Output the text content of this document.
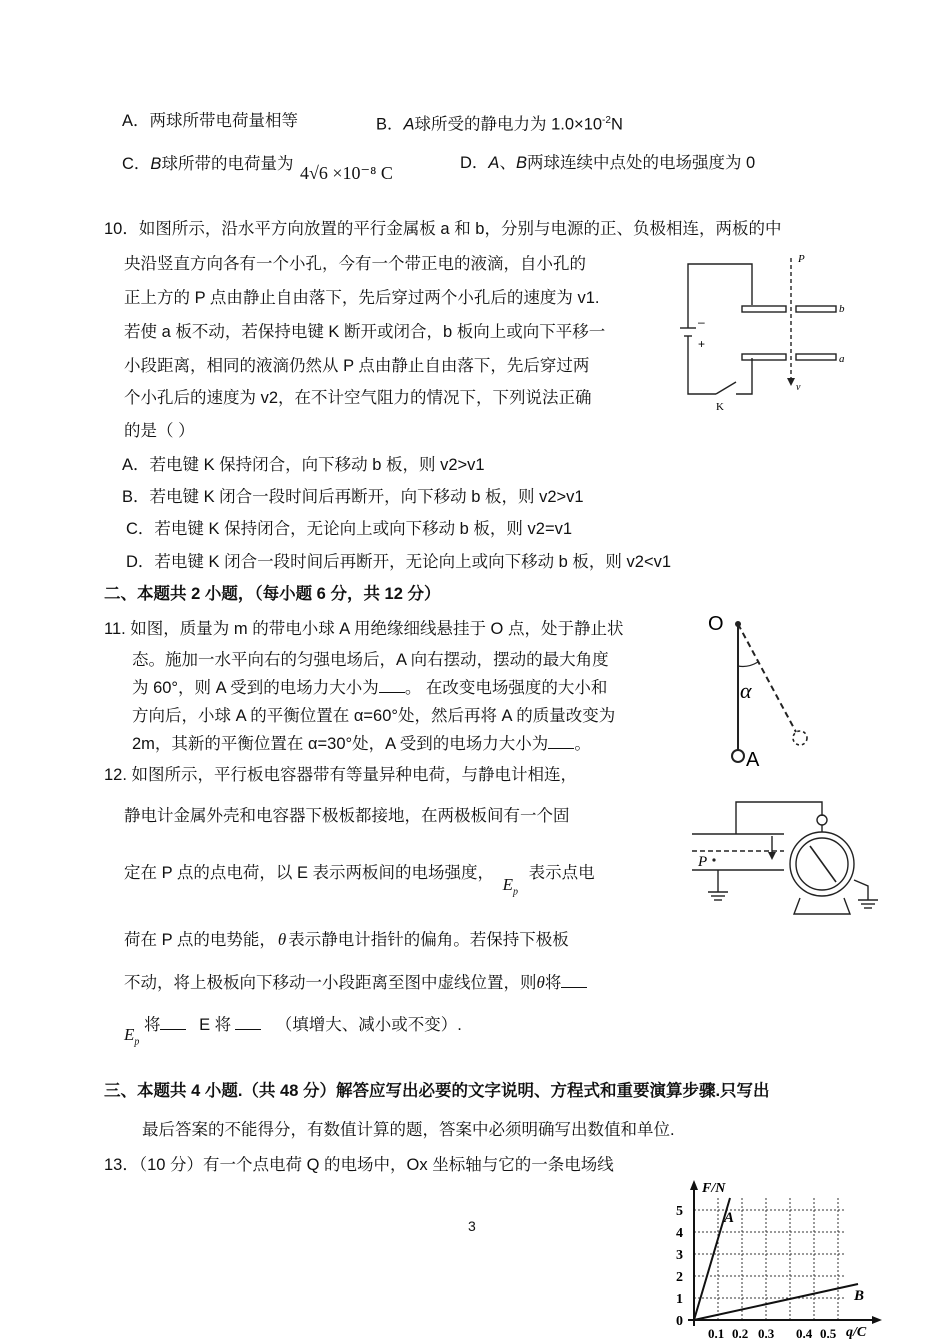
A．两球所带电荷量相等	B．A球所受的静电力为 $1.0\times 10^{-2}N$
C．B球所带的电荷量为 4√6 ×10⁻⁸ C	D．A、B两球连续中点处的电场强度为 0
10．如图所示，沿水平方向放置的平行金属板 a 和 b，分别与电源的正、负极相连，两板的中
央沿竖直方向各有一个小孔，今有一个带正电的液滴，自小孔的
正上方的 P 点由静止自由落下，先后穿过两个小孔后的速度为 v1.
若使 a 板不动，若保持电键 K 断开或闭合，b 板向上或向下平移一
小段距离，相同的液滴仍然从 P 点由静止自由落下，先后穿过两
个小孔后的速度为 v2，在不计空气阻力的情况下，下列说法正确
的是（ ）
A．若电键 K 保持闭合，向下移动 b 板，则 v2>v1
B．若电键 K 闭合一段时间后再断开，向下移动 b 板，则 v2>v1
C．若电键 K 保持闭合，无论向上或向下移动 b 板，则 v2=v1
D．若电键 K 闭合一段时间后再断开，无论向上或向下移动 b 板，则 v2<v1
P
b
a
v
K
–
+
二、本题共 2 小题，（每小题 6 分，共 12 分）
11. 如图，质量为 m 的带电小球 A 用绝缘细线悬挂于 O 点，处于静止状
态。施加一水平向右的匀强电场后，A 向右摆动，摆动的最大角度
为 60°，则 A 受到的电场力大小为 。 在改变电场强度的大小和
方向后，小球 A 的平衡位置在 α=60°处，然后再将 A 的质量改变为
2m，其新的平衡位置在 α=30°处，A 受到的电场力大小为 。
O
A
α
12. 如图所示，平行板电容器带有等量异种电荷，与静电计相连，
静电计金属外壳和电容器下极板都接地，在两极板间有一个固
定在 P 点的点电荷，以 E 表示两板间的电场强度， $E_p$ 表示点电
荷在 P 点的电势能， θ 表示静电计指针的偏角。若保持下极板
不动，将上极板向下移动一小段距离至图中虚线位置，则θ将
$E_p$ 将 E 将	（填增大、减小或不变）.
P
三、本题共 4 小题.（共 48 分）解答应写出必要的文字说明、方程式和重要演算步骤.只写出
最后答案的不能得分，有数值计算的题，答案中必须明确写出数值和单位.
13．（10 分）有一个点电荷 Q 的电场中，Ox 坐标轴与它的一条电场线
3
F/N
q/C
5
4
3
2
1
0
0.1 0.2 0.3 0.4 0.5
A
B
